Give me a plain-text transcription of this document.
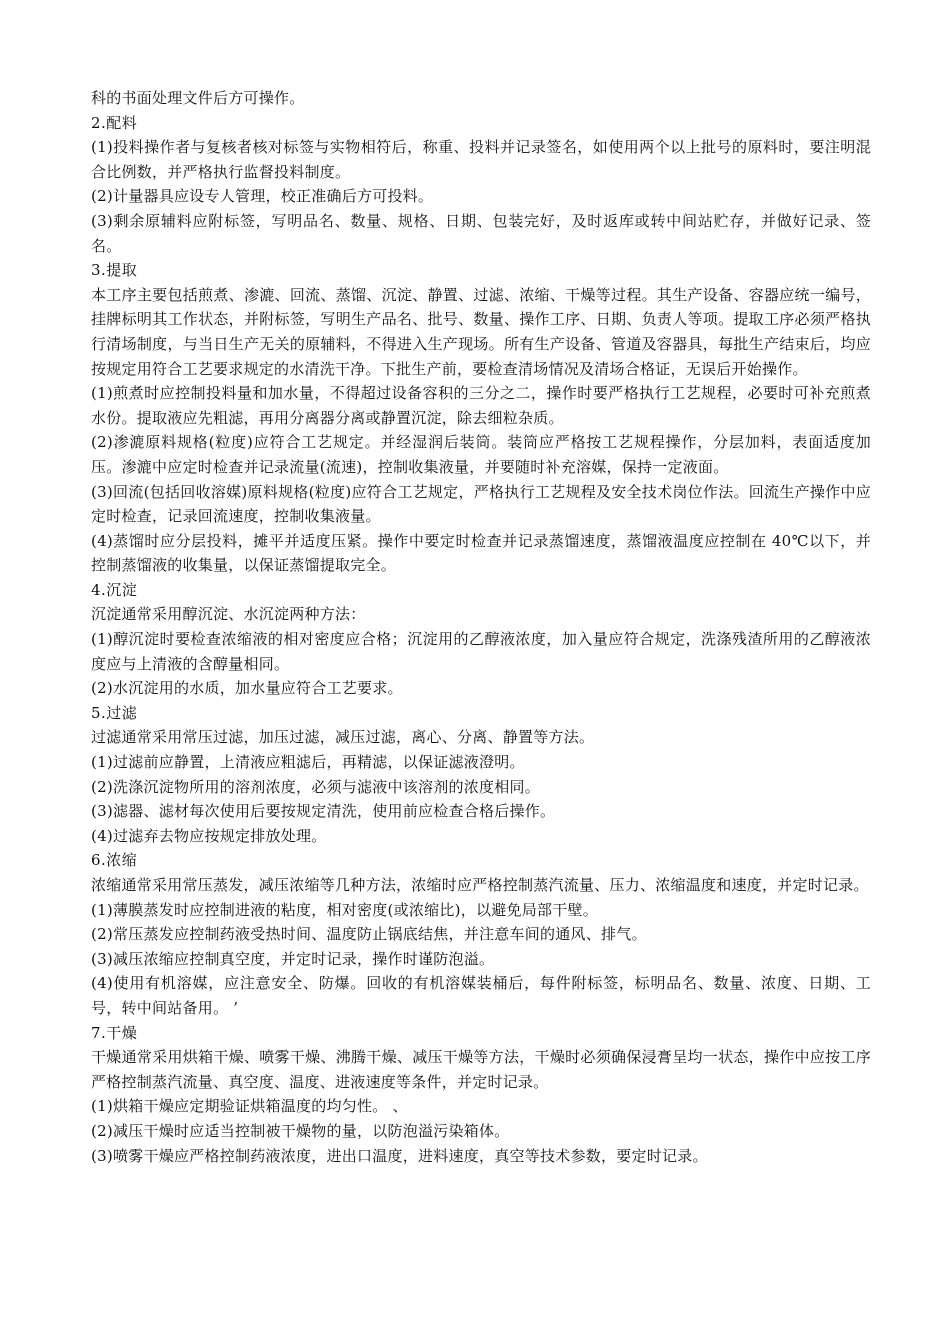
科的书面处理文件后方可操作。

2.配料

(1)投料操作者与复核者核对标签与实物相符后，称重、投料并记录签名，如使用两个以上批号的原料时，要注明混合比例数，并严格执行监督投料制度。

(2)计量器具应设专人管理，校正准确后方可投料。

(3)剩余原辅料应附标签，写明品名、数量、规格、日期、包装完好，及时返库或转中间站贮存，并做好记录、签名。

3.提取

本工序主要包括煎煮、渗漉、回流、蒸馏、沉淀、静置、过滤、浓缩、干燥等过程。其生产设备、容器应统一编号，挂牌标明其工作状态，并附标签，写明生产品名、批号、数量、操作工序、日期、负责人等项。提取工序必须严格执行清场制度，与当日生产无关的原辅料，不得进入生产现场。所有生产设备、管道及容器具，每批生产结束后，均应按规定用符合工艺要求规定的水清洗干净。下批生产前，要检查清场情况及清场合格证，无误后开始操作。

(1)煎煮时应控制投料量和加水量，不得超过设备容积的三分之二，操作时要严格执行工艺规程，必要时可补充煎煮水份。提取液应先粗滤，再用分离器分离或静置沉淀，除去细粒杂质。

(2)渗漉原料规格(粒度)应符合工艺规定。并经湿润后装筒。装筒应严格按工艺规程操作，分层加料，表面适度加压。渗漉中应定时检查并记录流量(流速)，控制收集液量，并要随时补充溶媒，保持一定液面。

(3)回流(包括回收溶媒)原料规格(粒度)应符合工艺规定，严格执行工艺规程及安全技术岗位作法。回流生产操作中应定时检查，记录回流速度，控制收集液量。

(4)蒸馏时应分层投料，摊平并适度压紧。操作中要定时检查并记录蒸馏速度，蒸馏液温度应控制在 40℃以下，并控制蒸馏液的收集量，以保证蒸馏提取完全。

4.沉淀

沉淀通常采用醇沉淀、水沉淀两种方法：

(1)醇沉淀时要检查浓缩液的相对密度应合格；沉淀用的乙醇液浓度，加入量应符合规定，洗涤残渣所用的乙醇液浓度应与上清液的含醇量相同。

(2)水沉淀用的水质，加水量应符合工艺要求。

5.过滤

过滤通常采用常压过滤，加压过滤，减压过滤，离心、分离、静置等方法。

(1)过滤前应静置，上清液应粗滤后，再精滤，以保证滤液澄明。

(2)洗涤沉淀物所用的溶剂浓度，必须与滤液中该溶剂的浓度相同。

(3)滤器、滤材每次使用后要按规定清洗，使用前应检查合格后操作。

(4)过滤弃去物应按规定排放处理。

6.浓缩

浓缩通常采用常压蒸发，减压浓缩等几种方法，浓缩时应严格控制蒸汽流量、压力、浓缩温度和速度，并定时记录。

(1)薄膜蒸发时应控制进液的粘度，相对密度(或浓缩比)，以避免局部干壁。

(2)常压蒸发应控制药液受热时间、温度防止锅底结焦，并注意车间的通风、排气。

(3)减压浓缩应控制真空度，并定时记录，操作时谨防泡溢。

(4)使用有机溶媒，应注意安全、防爆。回收的有机溶媒装桶后，每件附标签，标明品名、数量、浓度、日期、工号，转中间站备用。 ’

7.干燥

干燥通常采用烘箱干燥、喷雾干燥、沸腾干燥、减压干燥等方法，干燥时必须确保浸膏呈均一状态，操作中应按工序严格控制蒸汽流量、真空度、温度、进液速度等条件，并定时记录。

(1)烘箱干燥应定期验证烘箱温度的均匀性。 、

(2)减压干燥时应适当控制被干燥物的量，以防泡溢污染箱体。

(3)喷雾干燥应严格控制药液浓度，进出口温度，进料速度，真空等技术参数，要定时记录。
